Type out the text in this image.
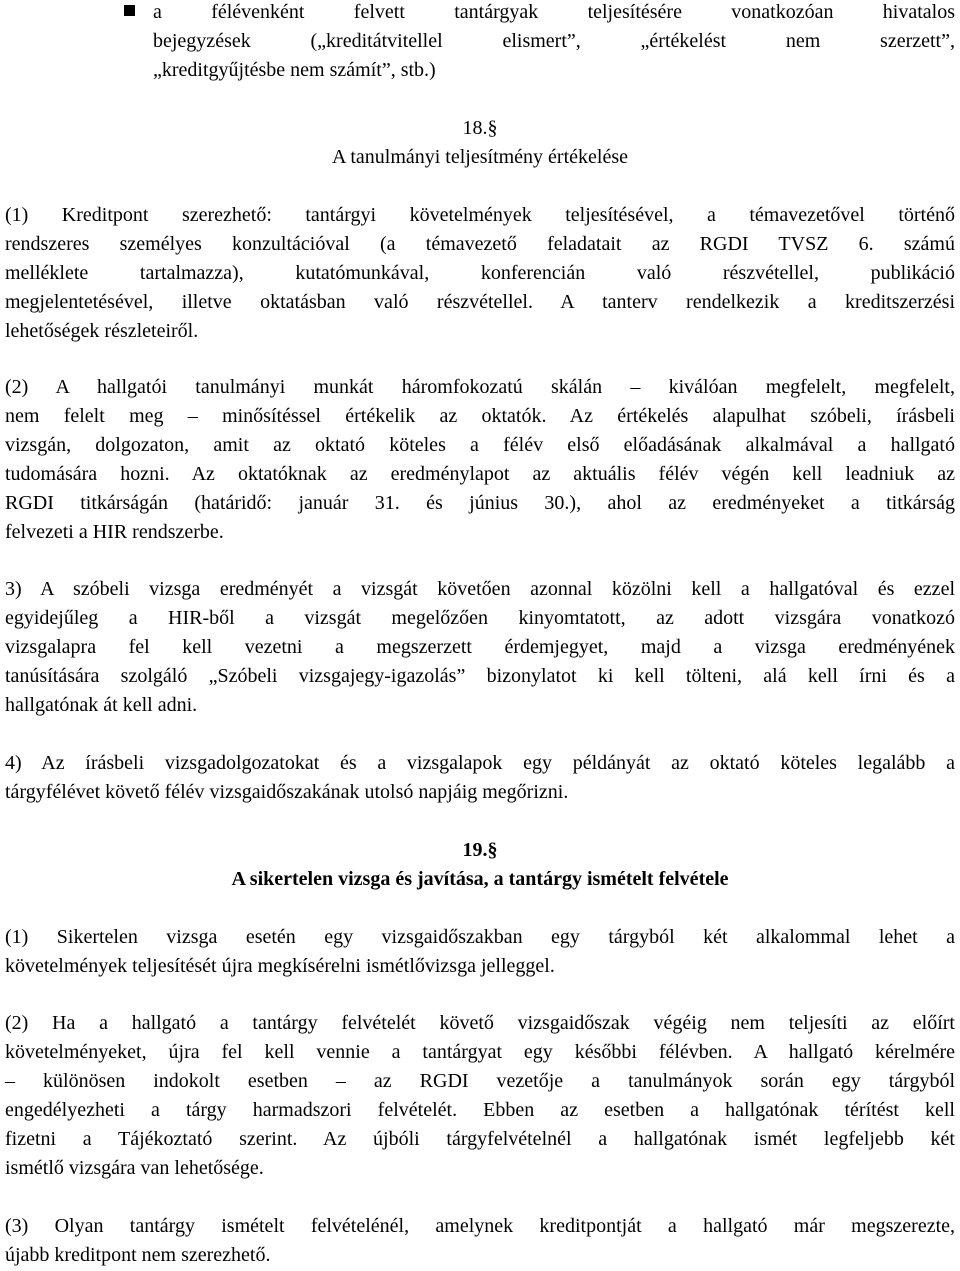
a félévenként felvett tantárgyak teljesítésére vonatkozóan hivatalos
bejegyzések („kreditátvitellel elismert”, „értékelést nem szerzett”,
„kreditgyűjtésbe nem számít”, stb.)
18.§
A tanulmányi teljesítmény értékelése
(1) Kreditpont szerezhető: tantárgyi követelmények teljesítésével, a témavezetővel történő
rendszeres személyes konzultációval (a témavezető feladatait az RGDI TVSZ 6. számú
melléklete tartalmazza), kutatómunkával, konferencián való részvétellel, publikáció
megjelentetésével, illetve oktatásban való részvétellel. A tanterv rendelkezik a kreditszerzési
lehetőségek részleteiről.
(2) A hallgatói tanulmányi munkát háromfokozatú skálán – kiválóan megfelelt, megfelelt,
nem felelt meg – minősítéssel értékelik az oktatók. Az értékelés alapulhat szóbeli, írásbeli
vizsgán, dolgozaton, amit az oktató köteles a félév első előadásának alkalmával a hallgató
tudomására hozni. Az oktatóknak az eredménylapot az aktuális félév végén kell leadniuk az
RGDI titkárságán (határidő: január 31. és június 30.), ahol az eredményeket a titkárság
felvezeti a HIR rendszerbe.
3) A szóbeli vizsga eredményét a vizsgát követően azonnal közölni kell a hallgatóval és ezzel
egyidejűleg a HIR-ből a vizsgát megelőzően kinyomtatott, az adott vizsgára vonatkozó
vizsgalapra fel kell vezetni a megszerzett érdemjegyet, majd a vizsga eredményének
tanúsítására szolgáló „Szóbeli vizsgajegy-igazolás” bizonylatot ki kell tölteni, alá kell írni és a
hallgatónak át kell adni.
4) Az írásbeli vizsgadolgozatokat és a vizsgalapok egy példányát az oktató köteles legalább a
tárgyfélévet követő félév vizsgaidőszakának utolsó napjáig megőrizni.
19.§
A sikertelen vizsga és javítása, a tantárgy ismételt felvétele
(1) Sikertelen vizsga esetén egy vizsgaidőszakban egy tárgyból két alkalommal lehet a
követelmények teljesítését újra megkísérelni ismétlővizsga jelleggel.
(2) Ha a hallgató a tantárgy felvételét követő vizsgaidőszak végéig nem teljesíti az előírt
követelményeket, újra fel kell vennie a tantárgyat egy későbbi félévben. A hallgató kérelmére
– különösen indokolt esetben – az RGDI vezetője a tanulmányok során egy tárgyból
engedélyezheti a tárgy harmadszori felvételét. Ebben az esetben a hallgatónak térítést kell
fizetni a Tájékoztató szerint. Az újbóli tárgyfelvételnél a hallgatónak ismét legfeljebb két
ismétlő vizsgára van lehetősége.
(3) Olyan tantárgy ismételt felvételénél, amelynek kreditpontját a hallgató már megszerezte,
újabb kreditpont nem szerezhető.
